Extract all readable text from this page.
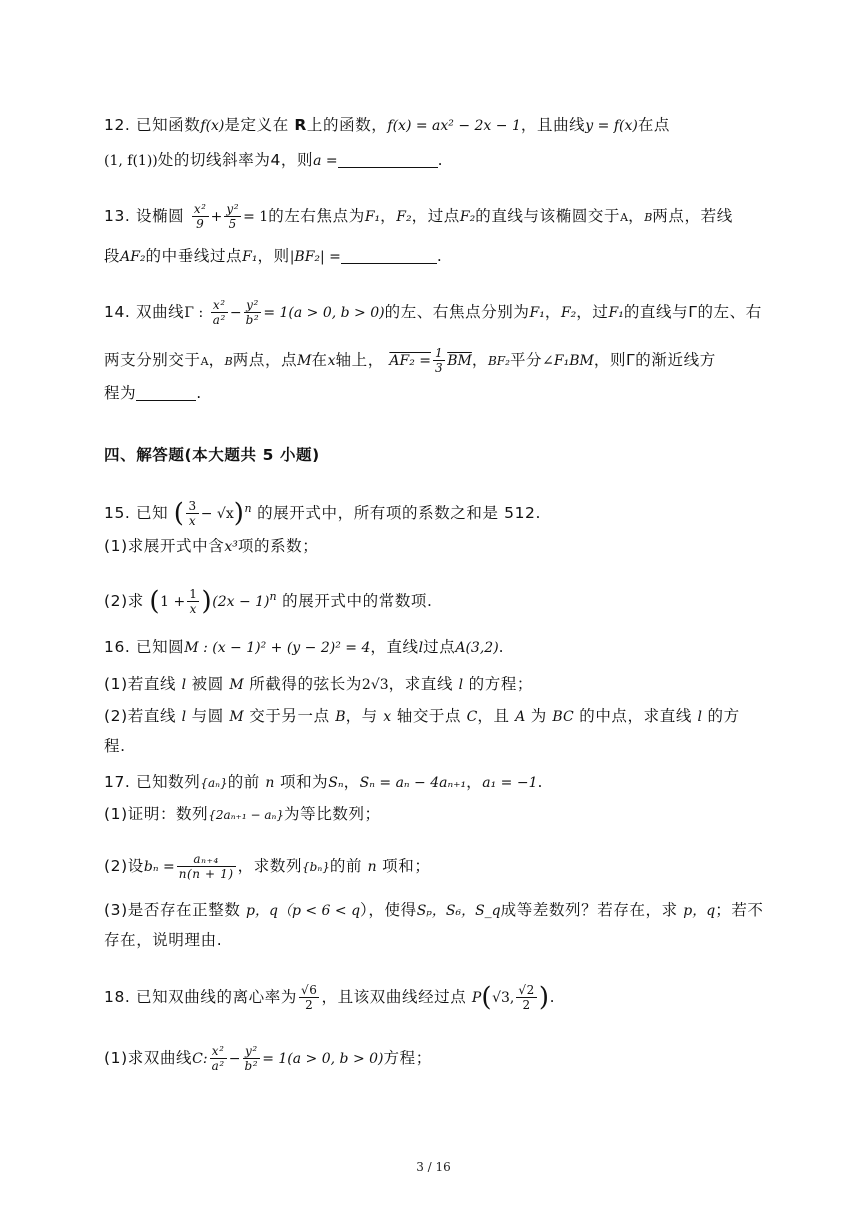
12. 已知函数f(x)是定义在 R上的函数，f(x) = ax² − 2x − 1，且曲线y = f(x)在点
(1, f(1))处的切线斜率为4，则a =	.
13. 设椭圆 $\frac{\text{x²}}{9} + \frac{\text{y²}}{5} = 1$的左右焦点为F₁，F₂，过点F₂的直线与该椭圆交于A，B两点，若线
段AF₂的中垂线过点F₁，则|BF₂| =	.
14. 双曲线Γ : $\frac{\text{x²}}{\text{a²}} - \frac{\text{y²}}{\text{b²}} = 1(a > 0$, b > 0)的左、右焦点分别为F₁，F₂，过F₁的直线与Γ的左、右
两支分别交于A，B两点，点M在x轴上， $AF_2 = \frac{1}{3} \overline{BM}$，BF₂平分∠F₁BM，则Γ的渐近线方
程为	.
四、解答题(本大题共 5 小题)
15. 已知 ( $\frac{3}{x} - √x)^n$ 的展开式中，所有项的系数之和是 512.
(1)求展开式中含x³项的系数；
(2)求 $(1 + \frac{1}{x} )(2x - 1)^n$ 的展开式中的常数项.
16. 已知圆M : (x − 1)² + (y − 2)² = 4，直线l过点A(3,2).
(1)若直线 l 被圆 M 所截得的弦长为2√3，求直线 l 的方程；
(2)若直线 l 与圆 M 交于另一点 B，与 x 轴交于点 C，且 A 为 BC 的中点，求直线 l 的方
程.
17. 已知数列{aₙ}的前 n 项和为Sₙ，Sₙ = aₙ − 4aₙ₊₁，a₁ = −1.
(1)证明：数列{2aₙ₊₁ − aₙ}为等比数列；
(2)设$b_n = \frac{\text{aₙ₊₄}}{n(n + 1)}$ ，求数列{bₙ}的前 n 项和；
(3)是否存在正整数 p，q（p < 6 < q），使得Sₚ，S₆，S_q成等差数列？若存在，求 p，q；若不
存在，说明理由.
18. 已知双曲线的离心率为 $\frac{√6}{2}$ ，且该双曲线经过点 P(√3, $\frac{√2}{2}$ ).
(1)求双曲线C: $\frac{\text{x²}}{\text{a²}} - \frac{\text{y²}}{\text{b²}} = 1(a > 0$, b > 0)方程；
3 / 16
